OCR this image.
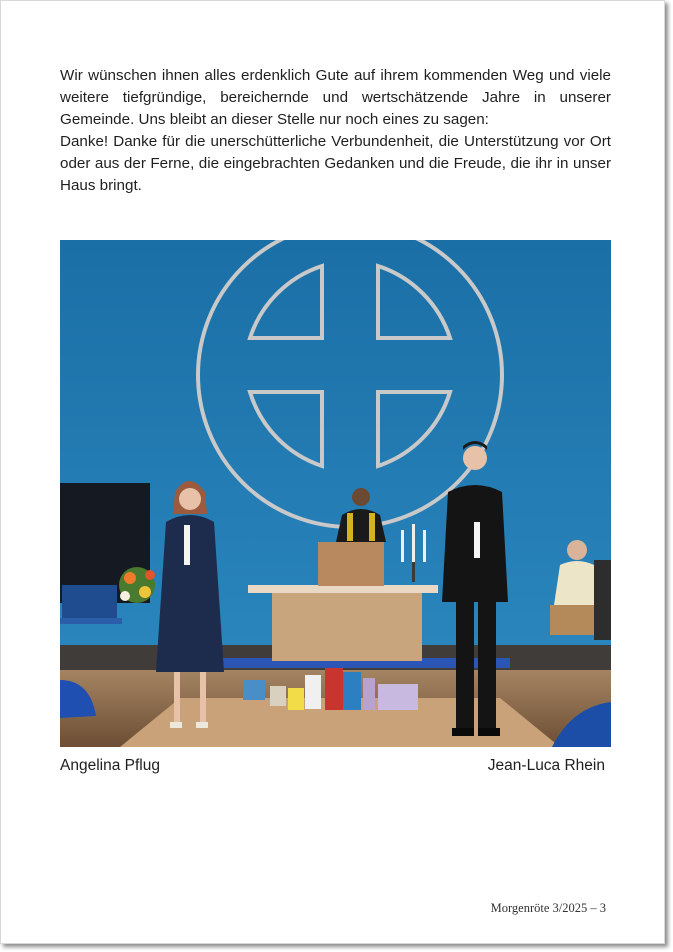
Wir wünschen ihnen alles erdenklich Gute auf ihrem kommenden Weg und viele weitere tiefgründige, bereichernde und wertschätzende Jahre in unserer Gemeinde. Uns bleibt an dieser Stelle nur noch eines zu sagen:

Danke! Danke für die unerschütterliche Verbundenheit, die Unterstützung vor Ort oder aus der Ferne, die eingebrachten Gedanken und die Freude, die ihr in unser Haus bringt.

Angelina Pflug	Jean-Luca Rhein
Morgenröte 3/2025 – 3
